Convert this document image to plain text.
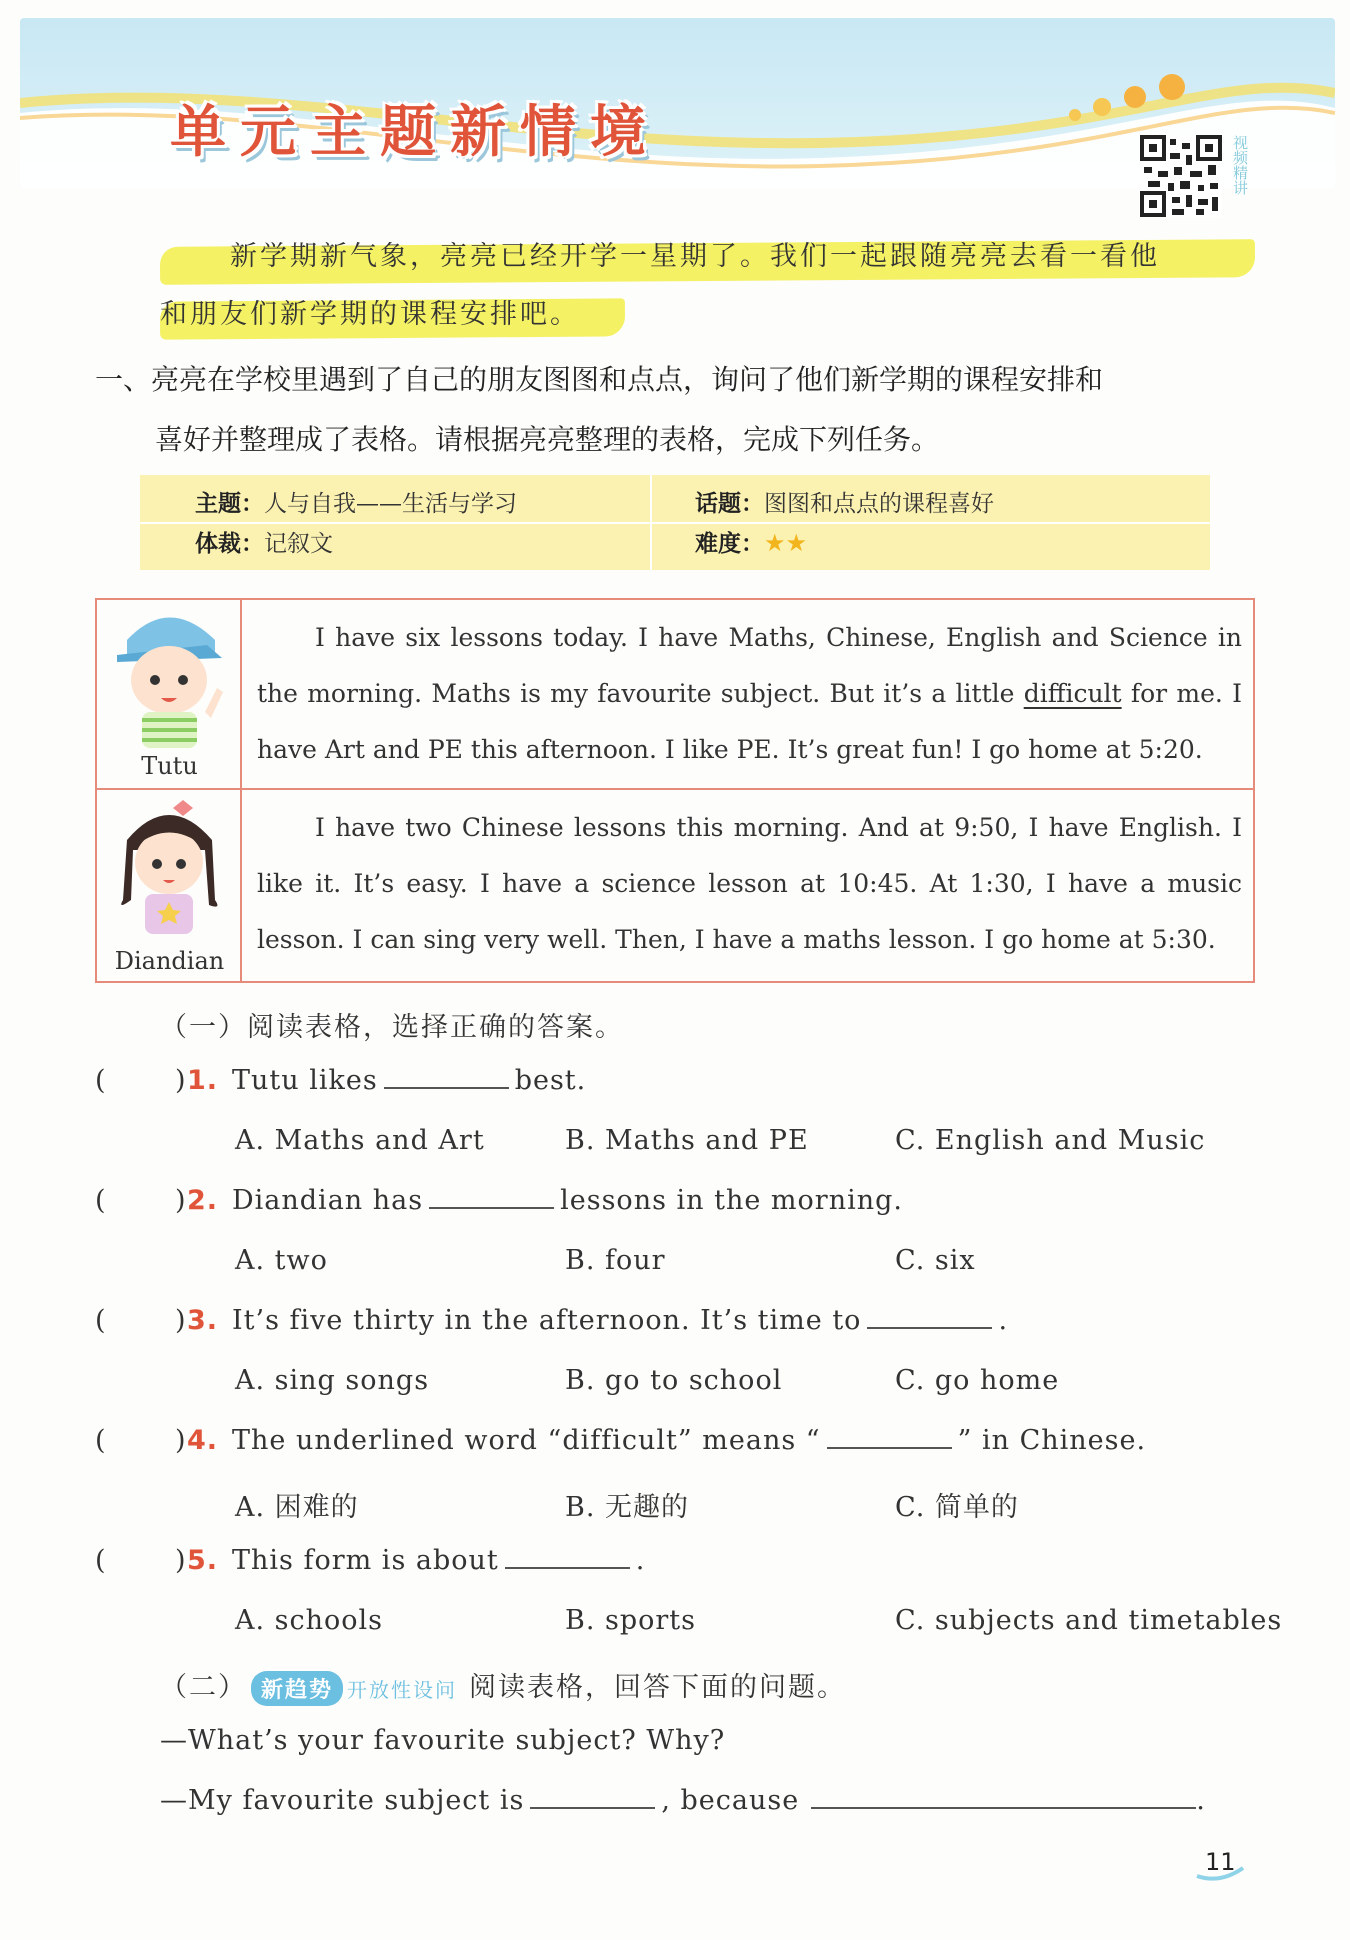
单元主题新情境	视频精讲
新学期新气象，亮亮已经开学一星期了。我们一起跟随亮亮去看一看他
和朋友们新学期的课程安排吧。
一、亮亮在学校里遇到了自己的朋友图图和点点，询问了他们新学期的课程安排和
喜好并整理成了表格。请根据亮亮整理的表格，完成下列任务。
主题：人与自我——生活与学习	话题：图图和点点的课程喜好
体裁：记叙文	难度：★★
Tutu
I have six lessons today. I have Maths, Chinese, English and Science in the morning. Maths is my favourite subject. But it’s a little difficult for me. I have Art and PE this afternoon. I like PE. It’s great fun! I go home at 5:20.
Diandian
I have two Chinese lessons this morning. And at 9:50, I have English. I like it. It’s easy. I have a science lesson at 10:45. At 1:30, I have a music lesson. I can sing very well. Then, I have a maths lesson. I go home at 5:30.
（一）阅读表格，选择正确的答案。
(	) 1. Tutu likes	best.
A. Maths and Art	B. Maths and PE	C. English and Music
(	) 2. Diandian has	lessons in the morning.
A. two	B. four	C. six
(	) 3. It’s five thirty in the afternoon. It’s time to	.
A. sing songs	B. go to school	C. go home
(	) 4. The underlined word “difficult” means “	” in Chinese.
A. 困难的	B. 无趣的	C. 简单的
(	) 5. This form is about	.
A. schools	B. sports	C. subjects and timetables
（二） 新趋势 开放性设问 阅读表格，回答下面的问题。
—What’s your favourite subject? Why?
—My favourite subject is	, because	.
11
